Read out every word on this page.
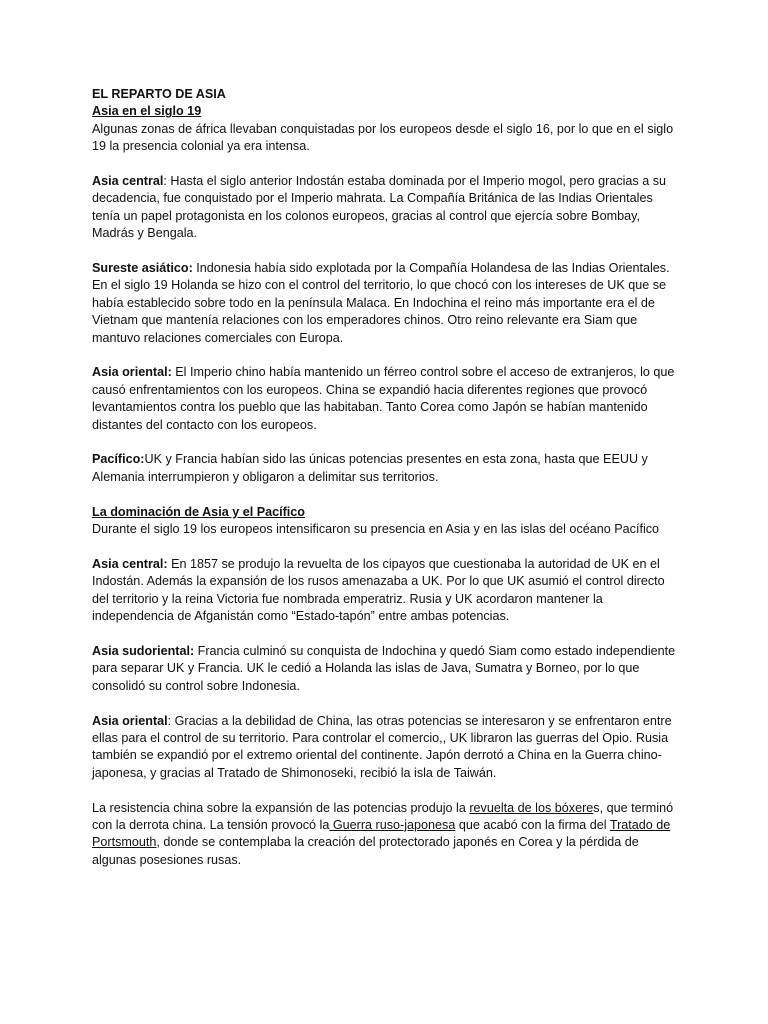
EL REPARTO DE ASIA

Asia en el siglo 19

Algunas zonas de áfrica llevaban conquistadas por los europeos desde el siglo 16, por lo que en el siglo 19 la presencia colonial ya era intensa.

Asia central: Hasta el siglo anterior Indostán estaba dominada por el Imperio mogol, pero gracias a su decadencia, fue conquistado por el Imperio mahrata. La Compañía Británica de las Indias Orientales tenía un papel protagonista en los colonos europeos, gracias al control que ejercía sobre Bombay, Madrás y Bengala.

Sureste asiático: Indonesia había sido explotada por la Compañía Holandesa de las Indias Orientales. En el siglo 19 Holanda se hizo con el control del territorio, lo que chocó con los intereses de UK que se había establecido sobre todo en la península Malaca. En Indochina el reino más importante era el de Vietnam que mantenía relaciones con los emperadores chinos. Otro reino relevante era Siam que mantuvo relaciones comerciales con Europa.

Asia oriental: El Imperio chino había mantenido un férreo control sobre el acceso de extranjeros, lo que causó enfrentamientos con los europeos. China se expandió hacia diferentes regiones que provocó levantamientos contra los pueblo que las habitaban. Tanto Corea como Japón se habían mantenido distantes del contacto con los europeos.

Pacífico:UK y Francia habían sido las únicas potencias presentes en esta zona, hasta que EEUU y Alemania interrumpieron y obligaron a delimitar sus territorios.

La dominación de Asia y el Pacífico

Durante el siglo 19 los europeos intensificaron su presencia en Asia y en las islas del océano Pacífico

Asia central: En 1857 se produjo la revuelta de los cipayos que cuestionaba la autoridad de UK en el Indostán. Además la expansión de los rusos amenazaba a UK. Por lo que UK asumió el control directo del territorio y la reina Victoria fue nombrada emperatriz. Rusia y UK acordaron mantener la independencia de Afganistán como “Estado-tapón” entre ambas potencias.

Asia sudoriental: Francia culminó su conquista de Indochina y quedó Siam como estado independiente para separar UK y Francia. UK le cedió a Holanda las islas de Java, Sumatra y Borneo, por lo que consolidó su control sobre Indonesia.

Asia oriental: Gracias a la debilidad de China, las otras potencias se interesaron y se enfrentaron entre ellas para el control de su territorio. Para controlar el comercio,, UK libraron las guerras del Opio. Rusia también se expandió por el extremo oriental del continente. Japón derrotó a China en la Guerra chino-japonesa, y gracias al Tratado de Shimonoseki, recibió la isla de Taiwán.

La resistencia china sobre la expansión de las potencias produjo la revuelta de los bóxeres, que terminó con la derrota china. La tensión provocó la Guerra ruso-japonesa que acabó con la firma del Tratado de Portsmouth, donde se contemplaba la creación del protectorado japonés en Corea y la pérdida de algunas posesiones rusas.
